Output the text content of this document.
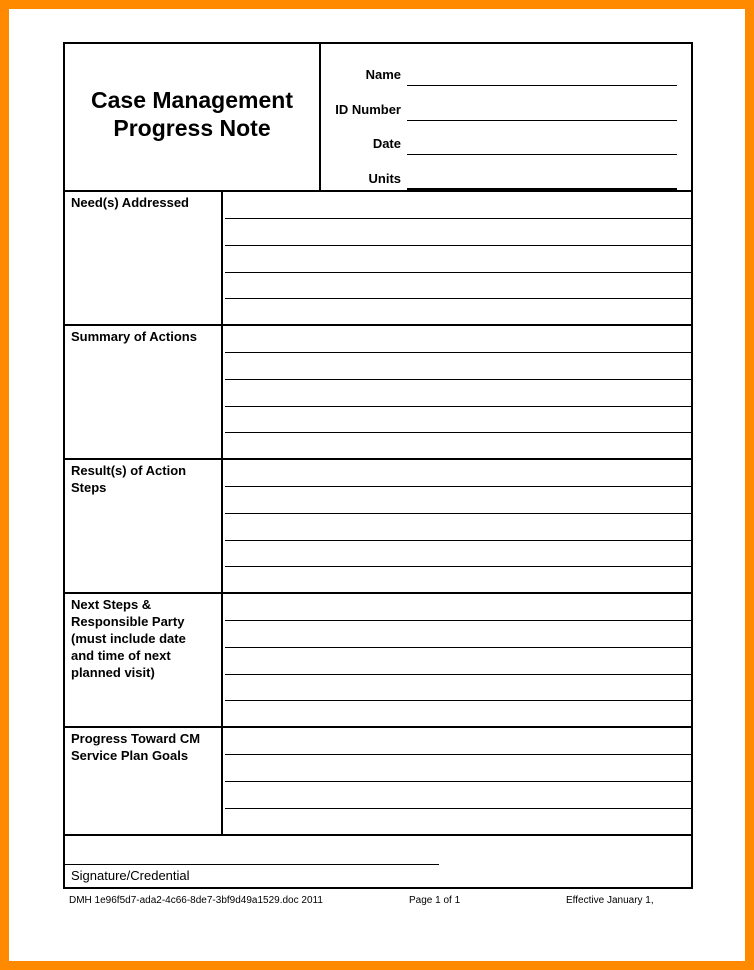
Case Management
Progress Note
Name
ID Number
Date
Units
Need(s) Addressed
Summary of Actions
Result(s) of Action
Steps
Next Steps &
Responsible Party
(must include date
and time of next
planned visit)
Progress Toward CM
Service Plan Goals
Signature/Credential
DMH 1e96f5d7-ada2-4c66-8de7-3bf9d49a1529.doc 2011	Page 1 of 1	Effective January 1,
